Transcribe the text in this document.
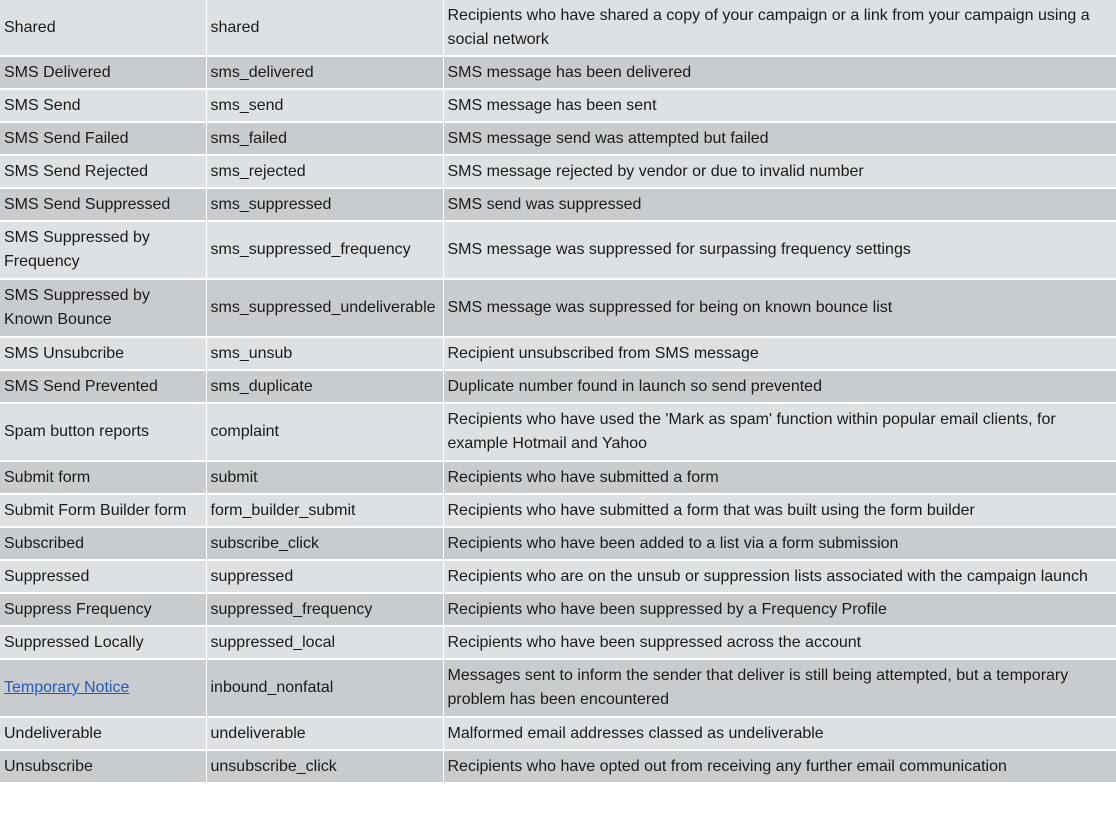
Shared	shared	Recipients who have shared a copy of your campaign or a link from your campaign using a social network
SMS Delivered	sms_delivered	SMS message has been delivered
SMS Send	sms_send	SMS message has been sent
SMS Send Failed	sms_failed	SMS message send was attempted but failed
SMS Send Rejected	sms_rejected	SMS message rejected by vendor or due to invalid number
SMS Send Suppressed	sms_suppressed	SMS send was suppressed
SMS Suppressed by Frequency	sms_suppressed_frequency	SMS message was suppressed for surpassing frequency settings
SMS Suppressed by Known Bounce	sms_suppressed_undeliverable	SMS message was suppressed for being on known bounce list
SMS Unsubcribe	sms_unsub	Recipient unsubscribed from SMS message
SMS Send Prevented	sms_duplicate	Duplicate number found in launch so send prevented
Spam button reports	complaint	Recipients who have used the 'Mark as spam' function within popular email clients, for example Hotmail and Yahoo
Submit form	submit	Recipients who have submitted a form
Submit Form Builder form	form_builder_submit	Recipients who have submitted a form that was built using the form builder
Subscribed	subscribe_click	Recipients who have been added to a list via a form submission
Suppressed	suppressed	Recipients who are on the unsub or suppression lists associated with the campaign launch
Suppress Frequency	suppressed_frequency	Recipients who have been suppressed by a Frequency Profile
Suppressed Locally	suppressed_local	Recipients who have been suppressed across the account
Temporary Notice	inbound_nonfatal	Messages sent to inform the sender that deliver is still being attempted, but a temporary problem has been encountered
Undeliverable	undeliverable	Malformed email addresses classed as undeliverable
Unsubscribe	unsubscribe_click	Recipients who have opted out from receiving any further email communication
